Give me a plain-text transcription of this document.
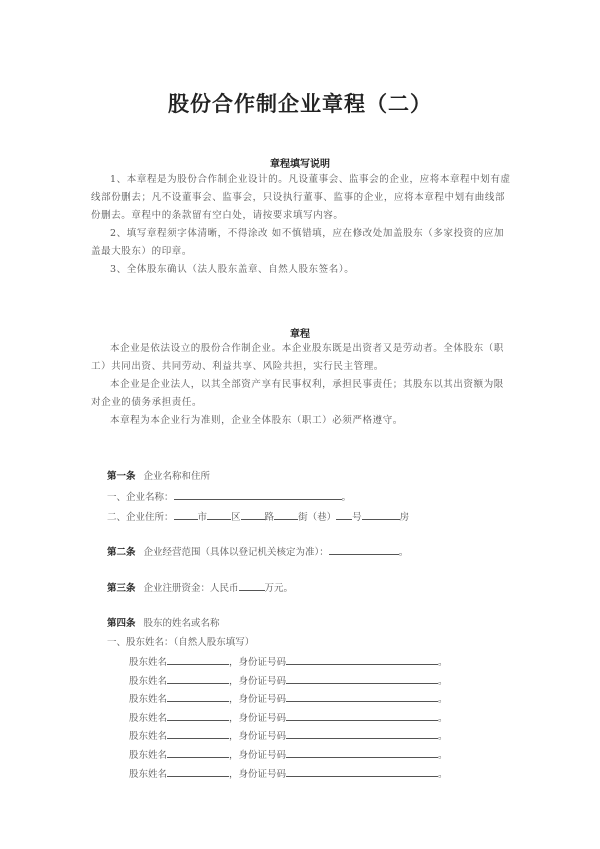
股份合作制企业章程（二）
章程填写说明
1、本章程是为股份合作制企业设计的。凡设董事会、监事会的企业，应将本章程中划有虚线部份删去；凡不设董事会、监事会，只设执行董事、监事的企业，应将本章程中划有曲线部份删去。章程中的条款留有空白处，请按要求填写内容。
2、填写章程须字体清晰，不得涂改 如不慎错填，应在修改处加盖股东（多家投资的应加盖最大股东）的印章。
3、全体股东确认（法人股东盖章、自然人股东签名）。
章程
本企业是依法设立的股份合作制企业。本企业股东既是出资者又是劳动者。全体股东（职工）共同出资、共同劳动、利益共享、风险共担，实行民主管理。
本企业是企业法人，以其全部资产享有民事权利，承担民事责任；其股东以其出资额为限对企业的债务承担责任。
本章程为本企业行为准则，企业全体股东（职工）必须严格遵守。
第一条 企业名称和住所
一、企业名称：	。
二、企业住所：	市	区	路	街（巷） 号	房
第二条 企业经营范围（具体以登记机关核定为准）：	。
第三条 企业注册资金：人民币	万元。
第四条 股东的姓名或名称
一、股东姓名：（自然人股东填写）
股东姓名	，身份证号码	。
股东姓名	，身份证号码	。
股东姓名	，身份证号码	。
股东姓名	，身份证号码	。
股东姓名	，身份证号码	。
股东姓名	，身份证号码	。
股东姓名	，身份证号码	。
